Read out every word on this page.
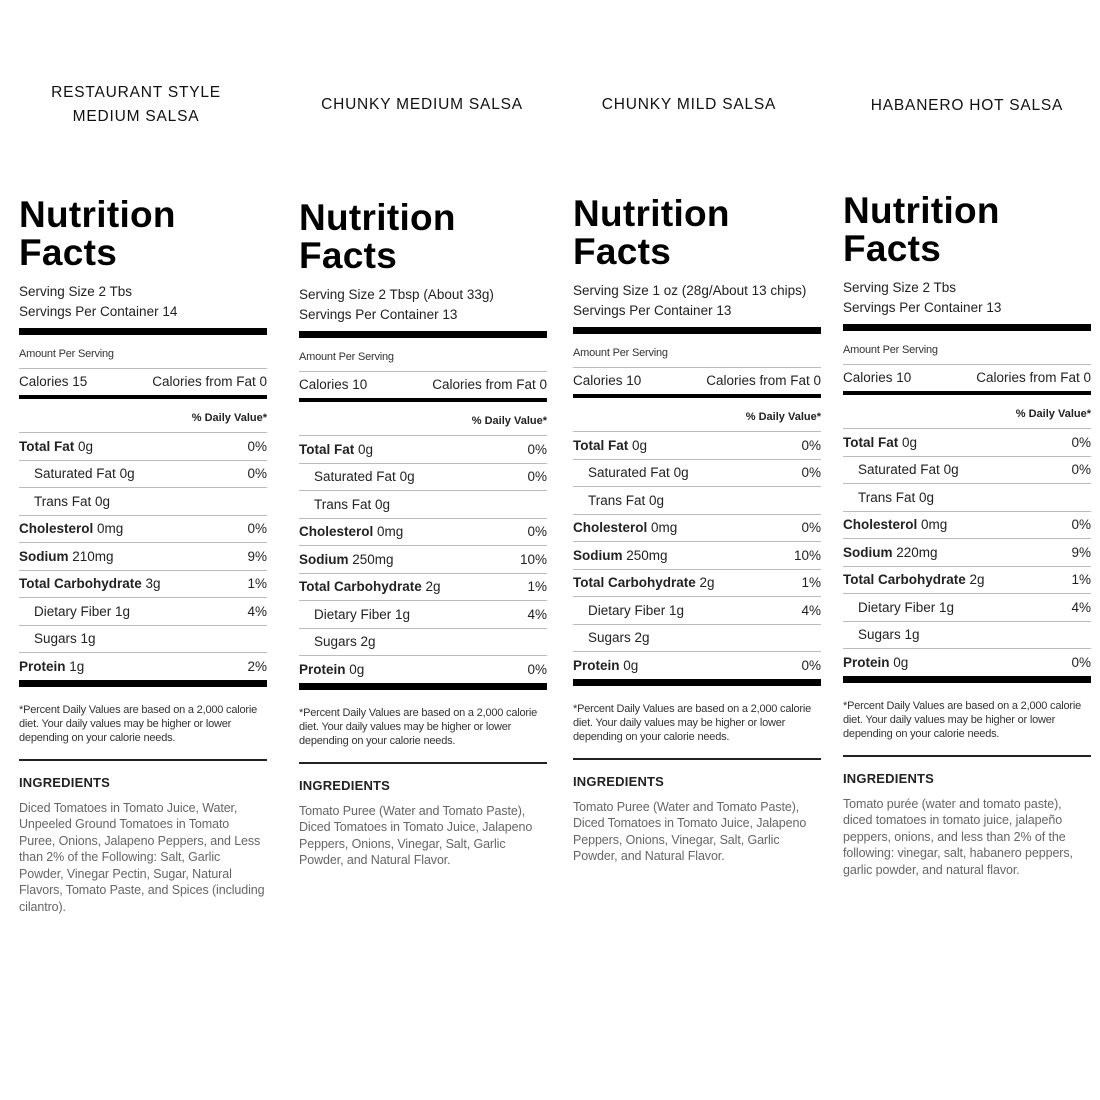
RESTAURANT STYLE MEDIUM SALSA
Nutrition
Facts
Serving Size 2 Tbs
Servings Per Container 14
Amount Per Serving
Calories 15	Calories from Fat 0
% Daily Value*
Total Fat 0g	0%
Saturated Fat 0g	0%
Trans Fat 0g
Cholesterol 0mg	0%
Sodium 210mg	9%
Total Carbohydrate 3g	1%
Dietary Fiber 1g	4%
Sugars 1g
Protein 1g	2%
*Percent Daily Values are based on a 2,000 calorie diet. Your daily values may be higher or lower depending on your calorie needs.
INGREDIENTS
Diced Tomatoes in Tomato Juice, Water, Unpeeled Ground Tomatoes in Tomato Puree, Onions, Jalapeno Peppers, and Less than 2% of the Following: Salt, Garlic Powder, Vinegar Pectin, Sugar, Natural Flavors, Tomato Paste, and Spices (including cilantro).
CHUNKY MEDIUM SALSA
Nutrition
Facts
Serving Size 2 Tbsp (About 33g)
Servings Per Container 13
Amount Per Serving
Calories 10	Calories from Fat 0
% Daily Value*
Total Fat 0g	0%
Saturated Fat 0g	0%
Trans Fat 0g
Cholesterol 0mg	0%
Sodium 250mg	10%
Total Carbohydrate 2g	1%
Dietary Fiber 1g	4%
Sugars 2g
Protein 0g	0%
*Percent Daily Values are based on a 2,000 calorie diet. Your daily values may be higher or lower depending on your calorie needs.
INGREDIENTS
Tomato Puree (Water and Tomato Paste), Diced Tomatoes in Tomato Juice, Jalapeno Peppers, Onions, Vinegar, Salt, Garlic Powder, and Natural Flavor.
CHUNKY MILD SALSA
Nutrition
Facts
Serving Size 1 oz (28g/About 13 chips)
Servings Per Container 13
Amount Per Serving
Calories 10	Calories from Fat 0
% Daily Value*
Total Fat 0g	0%
Saturated Fat 0g	0%
Trans Fat 0g
Cholesterol 0mg	0%
Sodium 250mg	10%
Total Carbohydrate 2g	1%
Dietary Fiber 1g	4%
Sugars 2g
Protein 0g	0%
*Percent Daily Values are based on a 2,000 calorie diet. Your daily values may be higher or lower depending on your calorie needs.
INGREDIENTS
Tomato Puree (Water and Tomato Paste), Diced Tomatoes in Tomato Juice, Jalapeno Peppers, Onions, Vinegar, Salt, Garlic Powder, and Natural Flavor.
HABANERO HOT SALSA
Nutrition
Facts
Serving Size 2 Tbs
Servings Per Container 13
Amount Per Serving
Calories 10	Calories from Fat 0
% Daily Value*
Total Fat 0g	0%
Saturated Fat 0g	0%
Trans Fat 0g
Cholesterol 0mg	0%
Sodium 220mg	9%
Total Carbohydrate 2g	1%
Dietary Fiber 1g	4%
Sugars 1g
Protein 0g	0%
*Percent Daily Values are based on a 2,000 calorie diet. Your daily values may be higher or lower depending on your calorie needs.
INGREDIENTS
Tomato purée (water and tomato paste), diced tomatoes in tomato juice, jalapeño peppers, onions, and less than 2% of the following: vinegar, salt, habanero peppers, garlic powder, and natural flavor.
